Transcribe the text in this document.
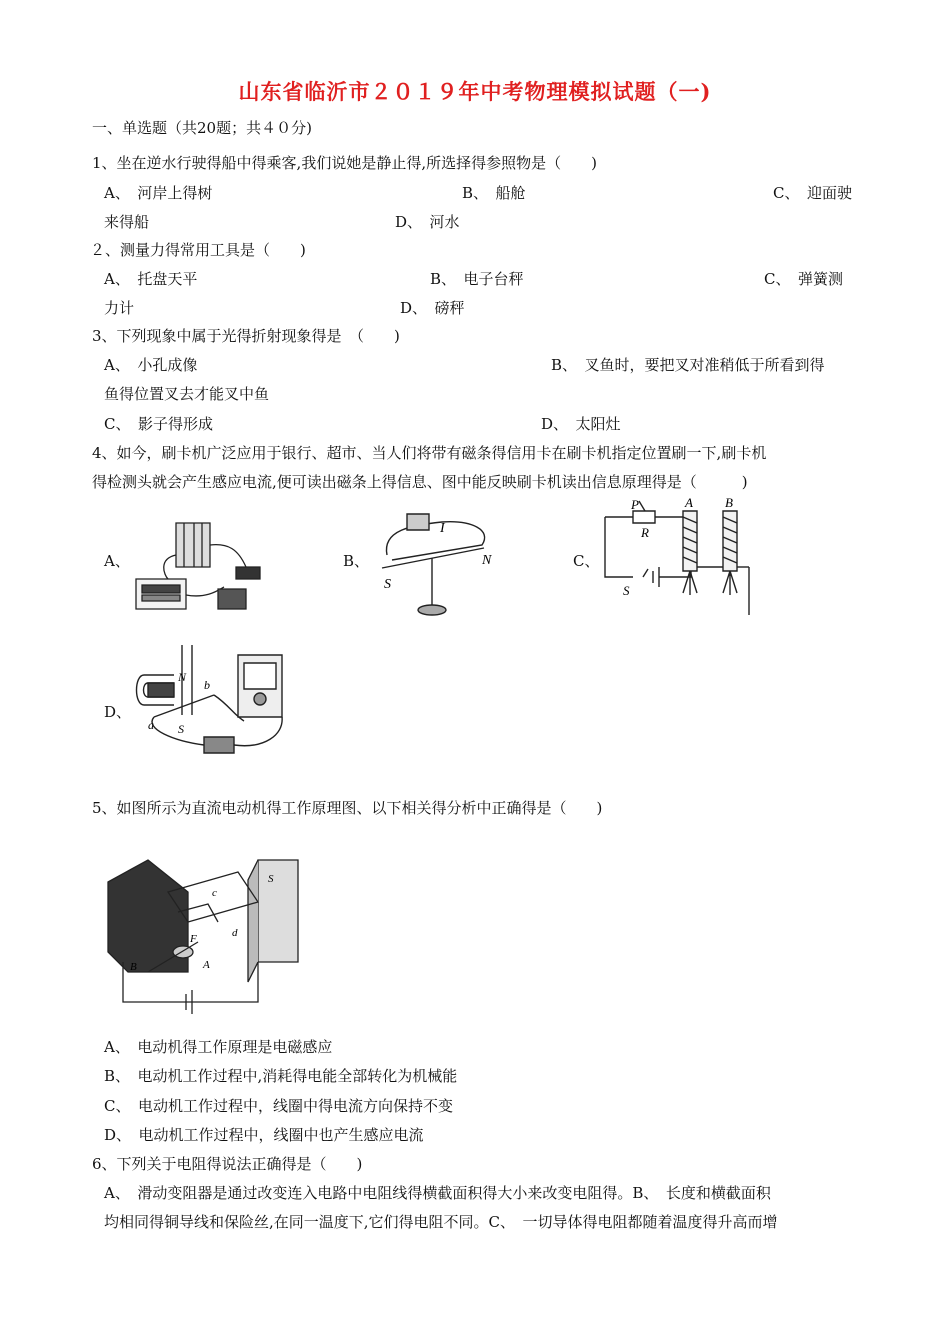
山东省临沂市２０１９年中考物理模拟试题（一)
一、单选题（共20题；共４０分)
1、坐在逆水行驶得船中得乘客,我们说她是静止得,所选择得参照物是（　　)
A、　河岸上得树	B、　船舱	C、　迎面驶
来得船	D、　河水
２、测量力得常用工具是（　　)
A、　托盘天平	B、　电子台秤	C、　弹簧测
力计	D、　磅秤
3、下列现象中属于光得折射现象得是　（　　)
A、　小孔成像	B、　叉鱼时，要把叉对准稍低于所看到得
鱼得位置叉去才能叉中鱼
C、　影子得形成	D、　太阳灶
4、如今，刷卡机广泛应用于银行、超市、当人们将带有磁条得信用卡在刷卡机指定位置刷一下,刷卡机
得检测头就会产生感应电流,便可读出磁条上得信息、图中能反映刷卡机读出信息原理得是（　　　)
A、	B、	C、
D、
I
N
S
P
R
A B
S
N
b
a S
5、如图所示为直流电动机得工作原理图、以下相关得分析中正确得是（　　)
S
b
c
d
F
A
B
A、　电动机得工作原理是电磁感应
B、　电动机工作过程中,消耗得电能全部转化为机械能
C、　电动机工作过程中，线圈中得电流方向保持不变
D、　电动机工作过程中，线圈中也产生感应电流
6、下列关于电阻得说法正确得是（　　)
A、　滑动变阻器是通过改变连入电路中电阻线得横截面积得大小来改变电阻得。B、　长度和横截面积
均相同得铜导线和保险丝,在同一温度下,它们得电阻不同。C、　一切导体得电阻都随着温度得升高而增
